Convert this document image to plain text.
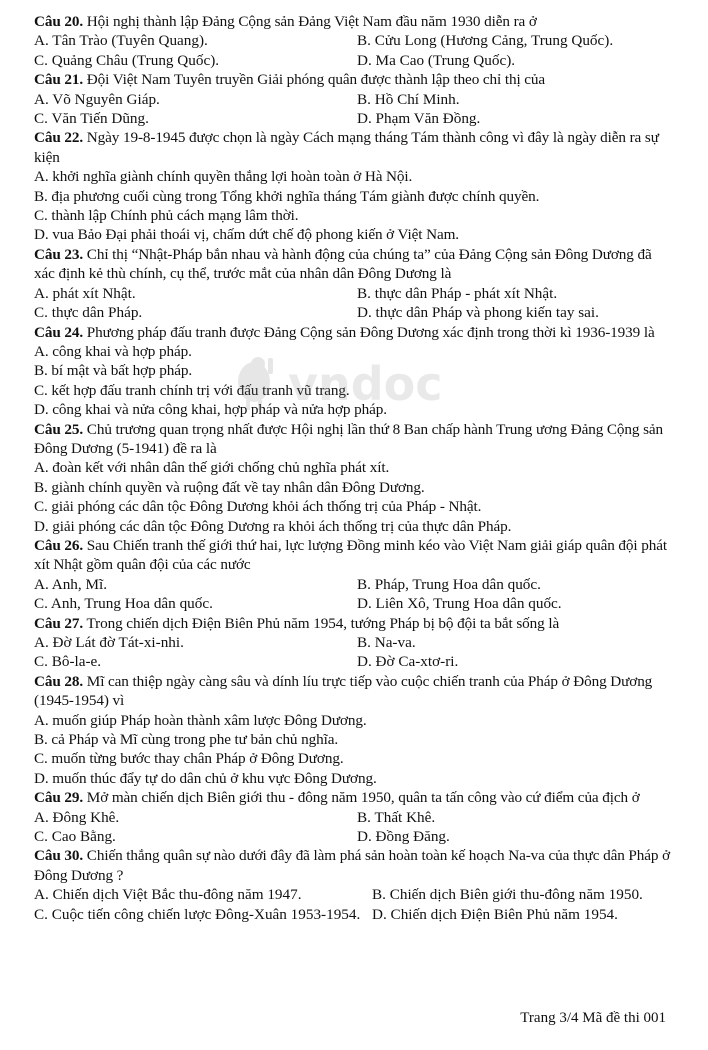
Câu 20. Hội nghị thành lập Đảng Cộng sản Đảng Việt Nam đầu năm 1930 diễn ra ở
A. Tân Trào (Tuyên Quang).	B. Cửu Long (Hương Cảng, Trung Quốc).
C. Quảng Châu (Trung Quốc).	D. Ma Cao (Trung Quốc).
Câu 21. Đội Việt Nam Tuyên truyền Giải phóng quân được thành lập theo chỉ thị của
A. Võ Nguyên Giáp.	B. Hồ Chí Minh.
C. Văn Tiến Dũng.	D. Phạm Văn Đồng.
Câu 22. Ngày 19-8-1945 được chọn là ngày Cách mạng tháng Tám thành công vì đây là ngày diễn ra sự kiện
A. khởi nghĩa giành chính quyền thắng lợi hoàn toàn ở Hà Nội.
B. địa phương cuối cùng trong Tổng khởi nghĩa tháng Tám giành được chính quyền.
C. thành lập Chính phủ cách mạng lâm thời.
D. vua Bảo Đại phải thoái vị, chấm dứt chế độ phong kiến ở Việt Nam.
Câu 23. Chỉ thị “Nhật-Pháp bắn nhau và hành động của chúng ta” của Đảng Cộng sản Đông Dương đã xác định kẻ thù chính, cụ thể, trước mắt của nhân dân Đông Dương là
A. phát xít Nhật.	B. thực dân Pháp - phát xít Nhật.
C. thực dân Pháp.	D. thực dân Pháp và phong kiến tay sai.
Câu 24. Phương pháp đấu tranh được Đảng Cộng sản Đông Dương xác định trong thời kì 1936-1939 là
A. công khai và hợp pháp.
B. bí mật và bất hợp pháp.
C. kết hợp đấu tranh chính trị với đấu tranh vũ trang.
D. công khai và nửa công khai, hợp pháp và nửa hợp pháp.
Câu 25. Chủ trương quan trọng nhất được Hội nghị lần thứ 8 Ban chấp hành Trung ương Đảng Cộng sản Đông Dương (5-1941) đề ra là
A. đoàn kết với nhân dân thế giới chống chủ nghĩa phát xít.
B. giành chính quyền và ruộng đất về tay nhân dân Đông Dương.
C. giải phóng các dân tộc Đông Dương khỏi ách thống trị của Pháp - Nhật.
D. giải phóng các dân tộc Đông Dương ra khỏi ách thống trị của thực dân Pháp.
Câu 26. Sau Chiến tranh thế giới thứ hai, lực lượng Đồng minh kéo vào Việt Nam giải giáp quân đội phát xít Nhật gồm quân đội của các nước
A. Anh, Mĩ.	B. Pháp, Trung Hoa dân quốc.
C. Anh, Trung Hoa dân quốc.	D. Liên Xô, Trung Hoa dân quốc.
Câu 27. Trong chiến dịch Điện Biên Phủ năm 1954, tướng Pháp bị bộ đội ta bắt sống là
A. Đờ Lát đờ Tát-xi-nhi.	B. Na-va.
C. Bô-la-e.	D. Đờ Ca-xtơ-ri.
Câu 28. Mĩ can thiệp ngày càng sâu và dính líu trực tiếp vào cuộc chiến tranh của Pháp ở Đông Dương (1945-1954) vì
A. muốn giúp Pháp hoàn thành xâm lược Đông Dương.
B. cả Pháp và Mĩ cùng trong phe tư bản chủ nghĩa.
C. muốn từng bước thay chân Pháp ở Đông Dương.
D. muốn thúc đẩy tự do dân chủ ở khu vực Đông Dương.
Câu 29. Mở màn chiến dịch Biên giới thu - đông năm 1950, quân ta tấn công vào cứ điểm của địch ở
A. Đông Khê.	B. Thất Khê.
C. Cao Bằng.	D. Đồng Đăng.
Câu 30. Chiến thắng quân sự nào dưới đây đã làm phá sản hoàn toàn kế hoạch Na-va của thực dân Pháp ở Đông Dương ?
A. Chiến dịch Việt Bắc thu-đông năm 1947.	B. Chiến dịch Biên giới thu-đông năm 1950.
C. Cuộc tiến công chiến lược Đông-Xuân 1953-1954. D. Chiến dịch Điện Biên Phủ năm 1954.
vndoc
Trang 3/4 Mã đề thi 001
